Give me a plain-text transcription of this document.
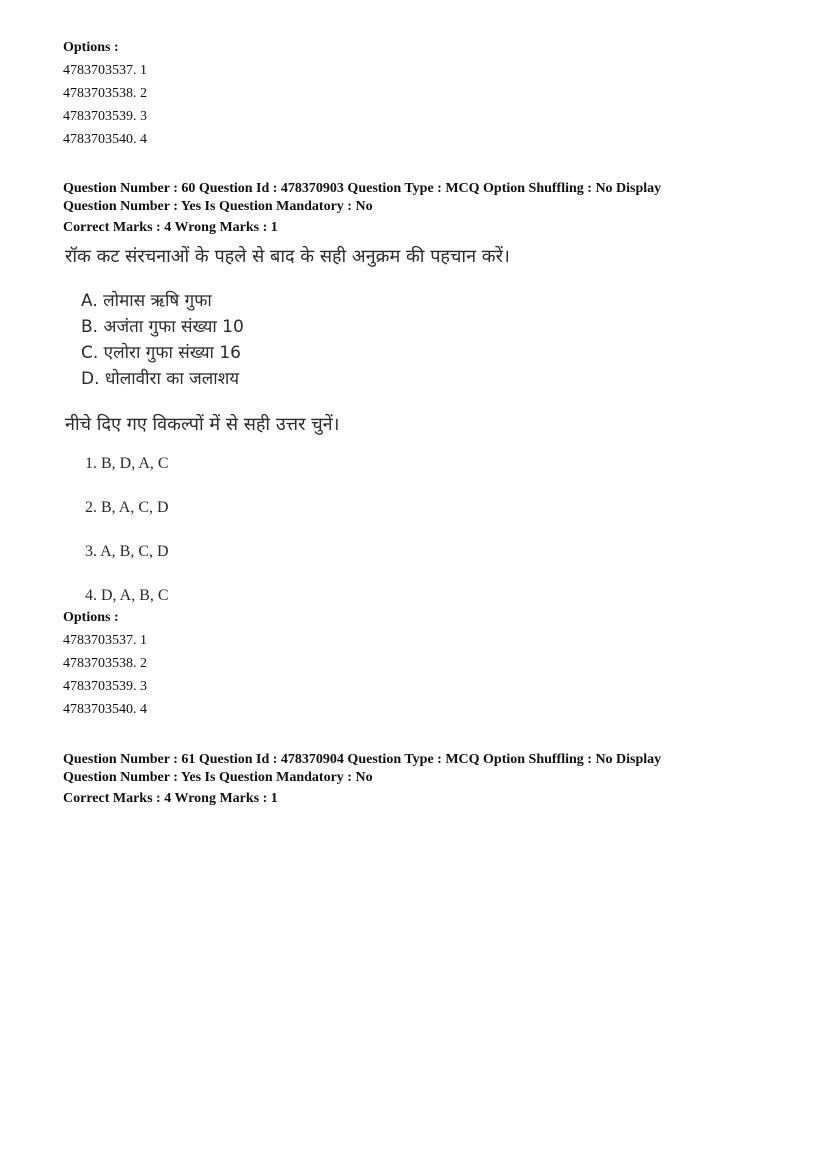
Options :
4783703537. 1
4783703538. 2
4783703539. 3
4783703540. 4
Question Number : 60 Question Id : 478370903 Question Type : MCQ Option Shuffling : No Display
Question Number : Yes Is Question Mandatory : No
Correct Marks : 4 Wrong Marks : 1
रॉक कट संरचनाओं के पहले से बाद के सही अनुक्रम की पहचान करें।
A. लोमास ऋषि गुफा
B. अजंता गुफा संख्या 10
C. एलोरा गुफा संख्या 16
D. धोलावीरा का जलाशय
नीचे दिए गए विकल्पों में से सही उत्तर चुनें।
1. B, D, A, C
2. B, A, C, D
3. A, B, C, D
4. D, A, B, C
Options :
4783703537. 1
4783703538. 2
4783703539. 3
4783703540. 4
Question Number : 61 Question Id : 478370904 Question Type : MCQ Option Shuffling : No Display
Question Number : Yes Is Question Mandatory : No
Correct Marks : 4 Wrong Marks : 1
